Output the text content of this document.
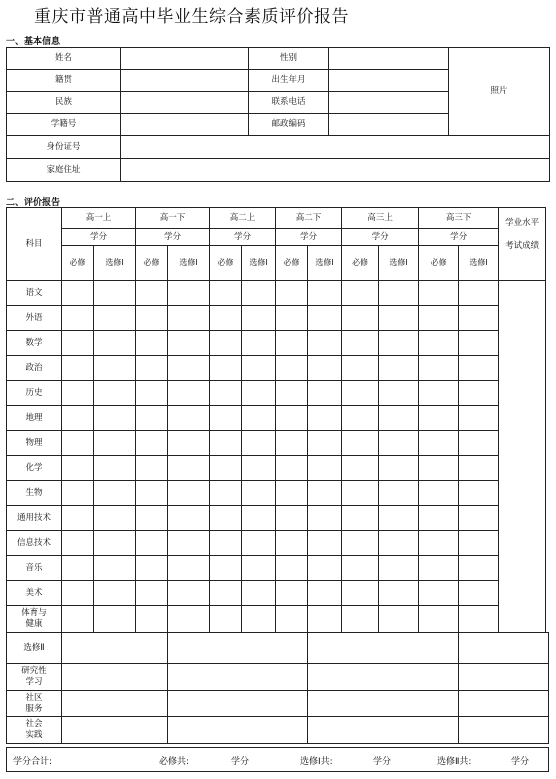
重庆市普通高中毕业生综合素质评价报告
一、基本信息
姓名		性别		照片
籍贯		出生年月		
民族		联系电话		
学籍号		邮政编码		
身份证号				
家庭住址				
二、评价报告
科目	高一上		高一下		高二上		高二下		高三上		高三下		学业水平
考试成绩

	学分		学分		学分		学分		学分		学分		
	必修	选修Ⅰ	必修	选修Ⅰ	必修	选修Ⅰ	必修	选修Ⅰ	必修	选修Ⅰ	必修	选修Ⅰ	
语文													
外语													
数学													
政治													
历史													
地理													
物理													
化学													
生物													
通用技术													
信息技术													
音乐													
美术													

体育与
健康													

选修Ⅱ													

研究性
学习													

社区
服务													

社会
实践													

学分合计:	必修共:	学分	选修Ⅰ共:	学分	选修Ⅱ共:	学分
